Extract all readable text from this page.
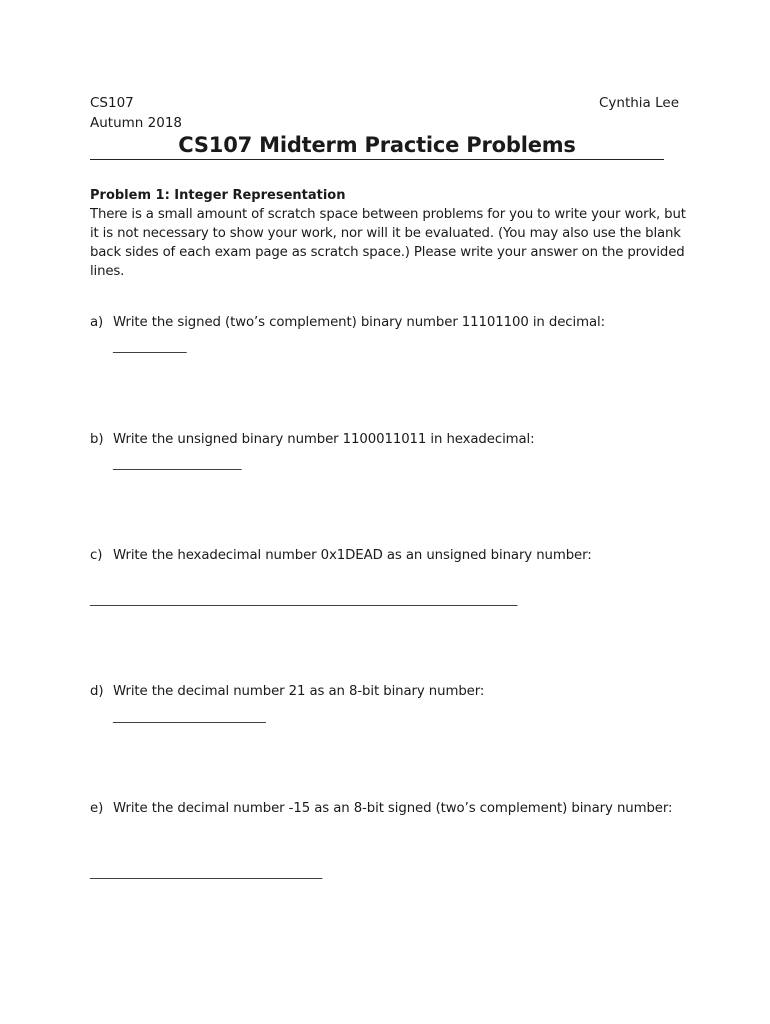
CS107
Autumn 2018
Cynthia Lee
CS107 Midterm Practice Problems
Problem 1: Integer Representation
There is a small amount of scratch space between problems for you to write your work, but
it is not necessary to show your work, nor will it be evaluated. (You may also use the blank
back sides of each exam page as scratch space.) Please write your answer on the provided
lines.
a) Write the signed (two’s complement) binary number 11101100 in decimal:
____________
b) Write the unsigned binary number 1100011011 in hexadecimal:
_____________________
c) Write the hexadecimal number 0x1DEAD as an unsigned binary number:
______________________________________________________________________
d) Write the decimal number 21 as an 8-bit binary number:
_________________________
e) Write the decimal number -15 as an 8-bit signed (two’s complement) binary number:
______________________________________
